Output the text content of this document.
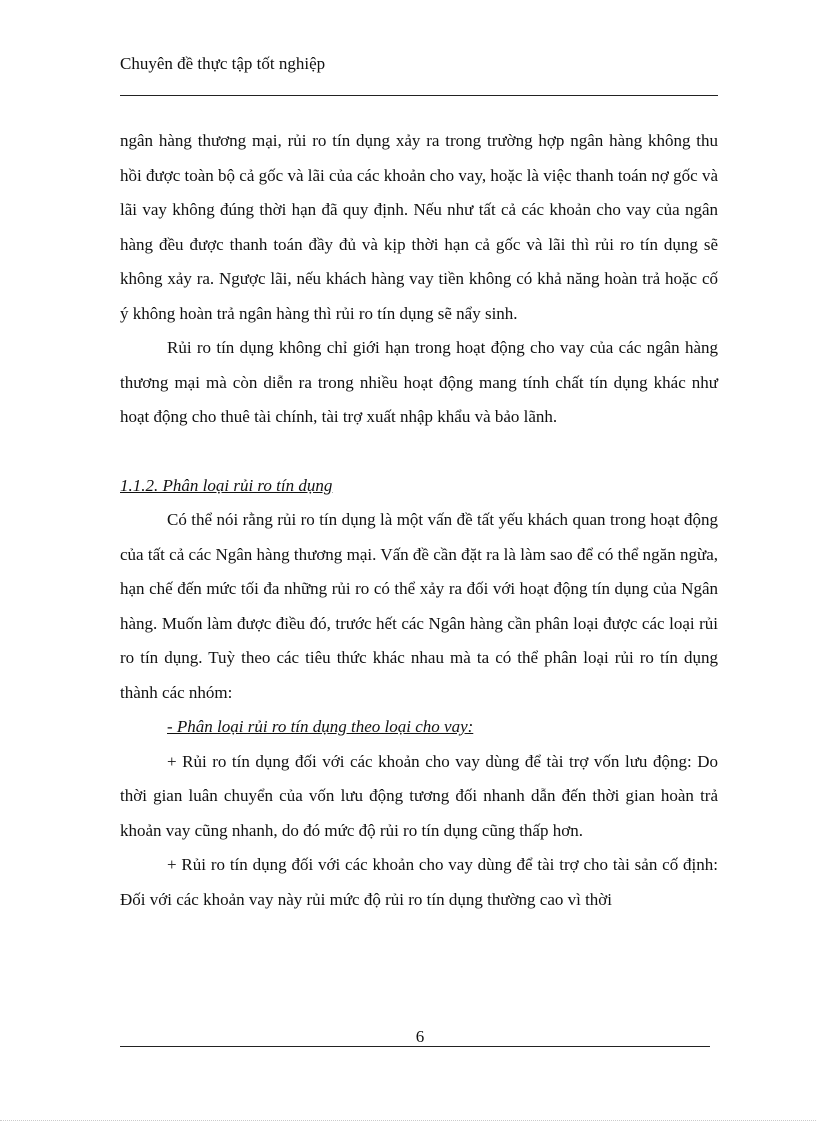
Chuyên đề thực tập tốt nghiệp

ngân hàng thương mại, rủi ro tín dụng xảy ra trong trường hợp ngân hàng không thu hồi được toàn bộ cả gốc và lãi của các khoản cho vay, hoặc là việc thanh toán nợ gốc và lãi vay không đúng thời hạn đã quy định. Nếu như tất cả các khoản cho vay của ngân hàng đều được thanh toán đầy đủ và kịp thời hạn cả gốc và lãi thì rủi ro tín dụng sẽ không xảy ra. Ngược lãi, nếu khách hàng vay tiền không có khả năng hoàn trả hoặc cố ý không hoàn trả ngân hàng thì rủi ro tín dụng sẽ nẩy sinh.

Rủi ro tín dụng không chỉ giới hạn trong hoạt động cho vay của các ngân hàng thương mại mà còn diễn ra trong nhiều hoạt động mang tính chất tín dụng khác như hoạt động cho thuê tài chính, tài trợ xuất nhập khẩu và bảo lãnh.

1.1.2. Phân loại rủi ro tín dụng

Có thể nói rằng rủi ro tín dụng là một vấn đề tất yếu khách quan trong hoạt động của tất cả các Ngân hàng thương mại. Vấn đề cần đặt ra là làm sao để có thể ngăn ngừa, hạn chế đến mức tối đa những rủi ro có thể xảy ra đối với hoạt động tín dụng của Ngân hàng. Muốn làm được điều đó, trước hết các Ngân hàng cần phân loại được các loại rủi ro tín dụng. Tuỳ theo các tiêu thức khác nhau mà ta có thể phân loại rủi ro tín dụng thành các nhóm:

- Phân loại rủi ro tín dụng theo loại cho vay:

+ Rủi ro tín dụng đối với các khoản cho vay dùng để tài trợ vốn lưu động: Do thời gian luân chuyển của vốn lưu động tương đối nhanh dẫn đến thời gian hoàn trả khoản vay cũng nhanh, do đó mức độ rủi ro tín dụng cũng thấp hơn.

+ Rủi ro tín dụng đối với các khoản cho vay dùng để tài trợ cho tài sản cố định: Đối với các khoản vay này rủi mức độ rủi ro tín dụng thường cao vì thời

6
